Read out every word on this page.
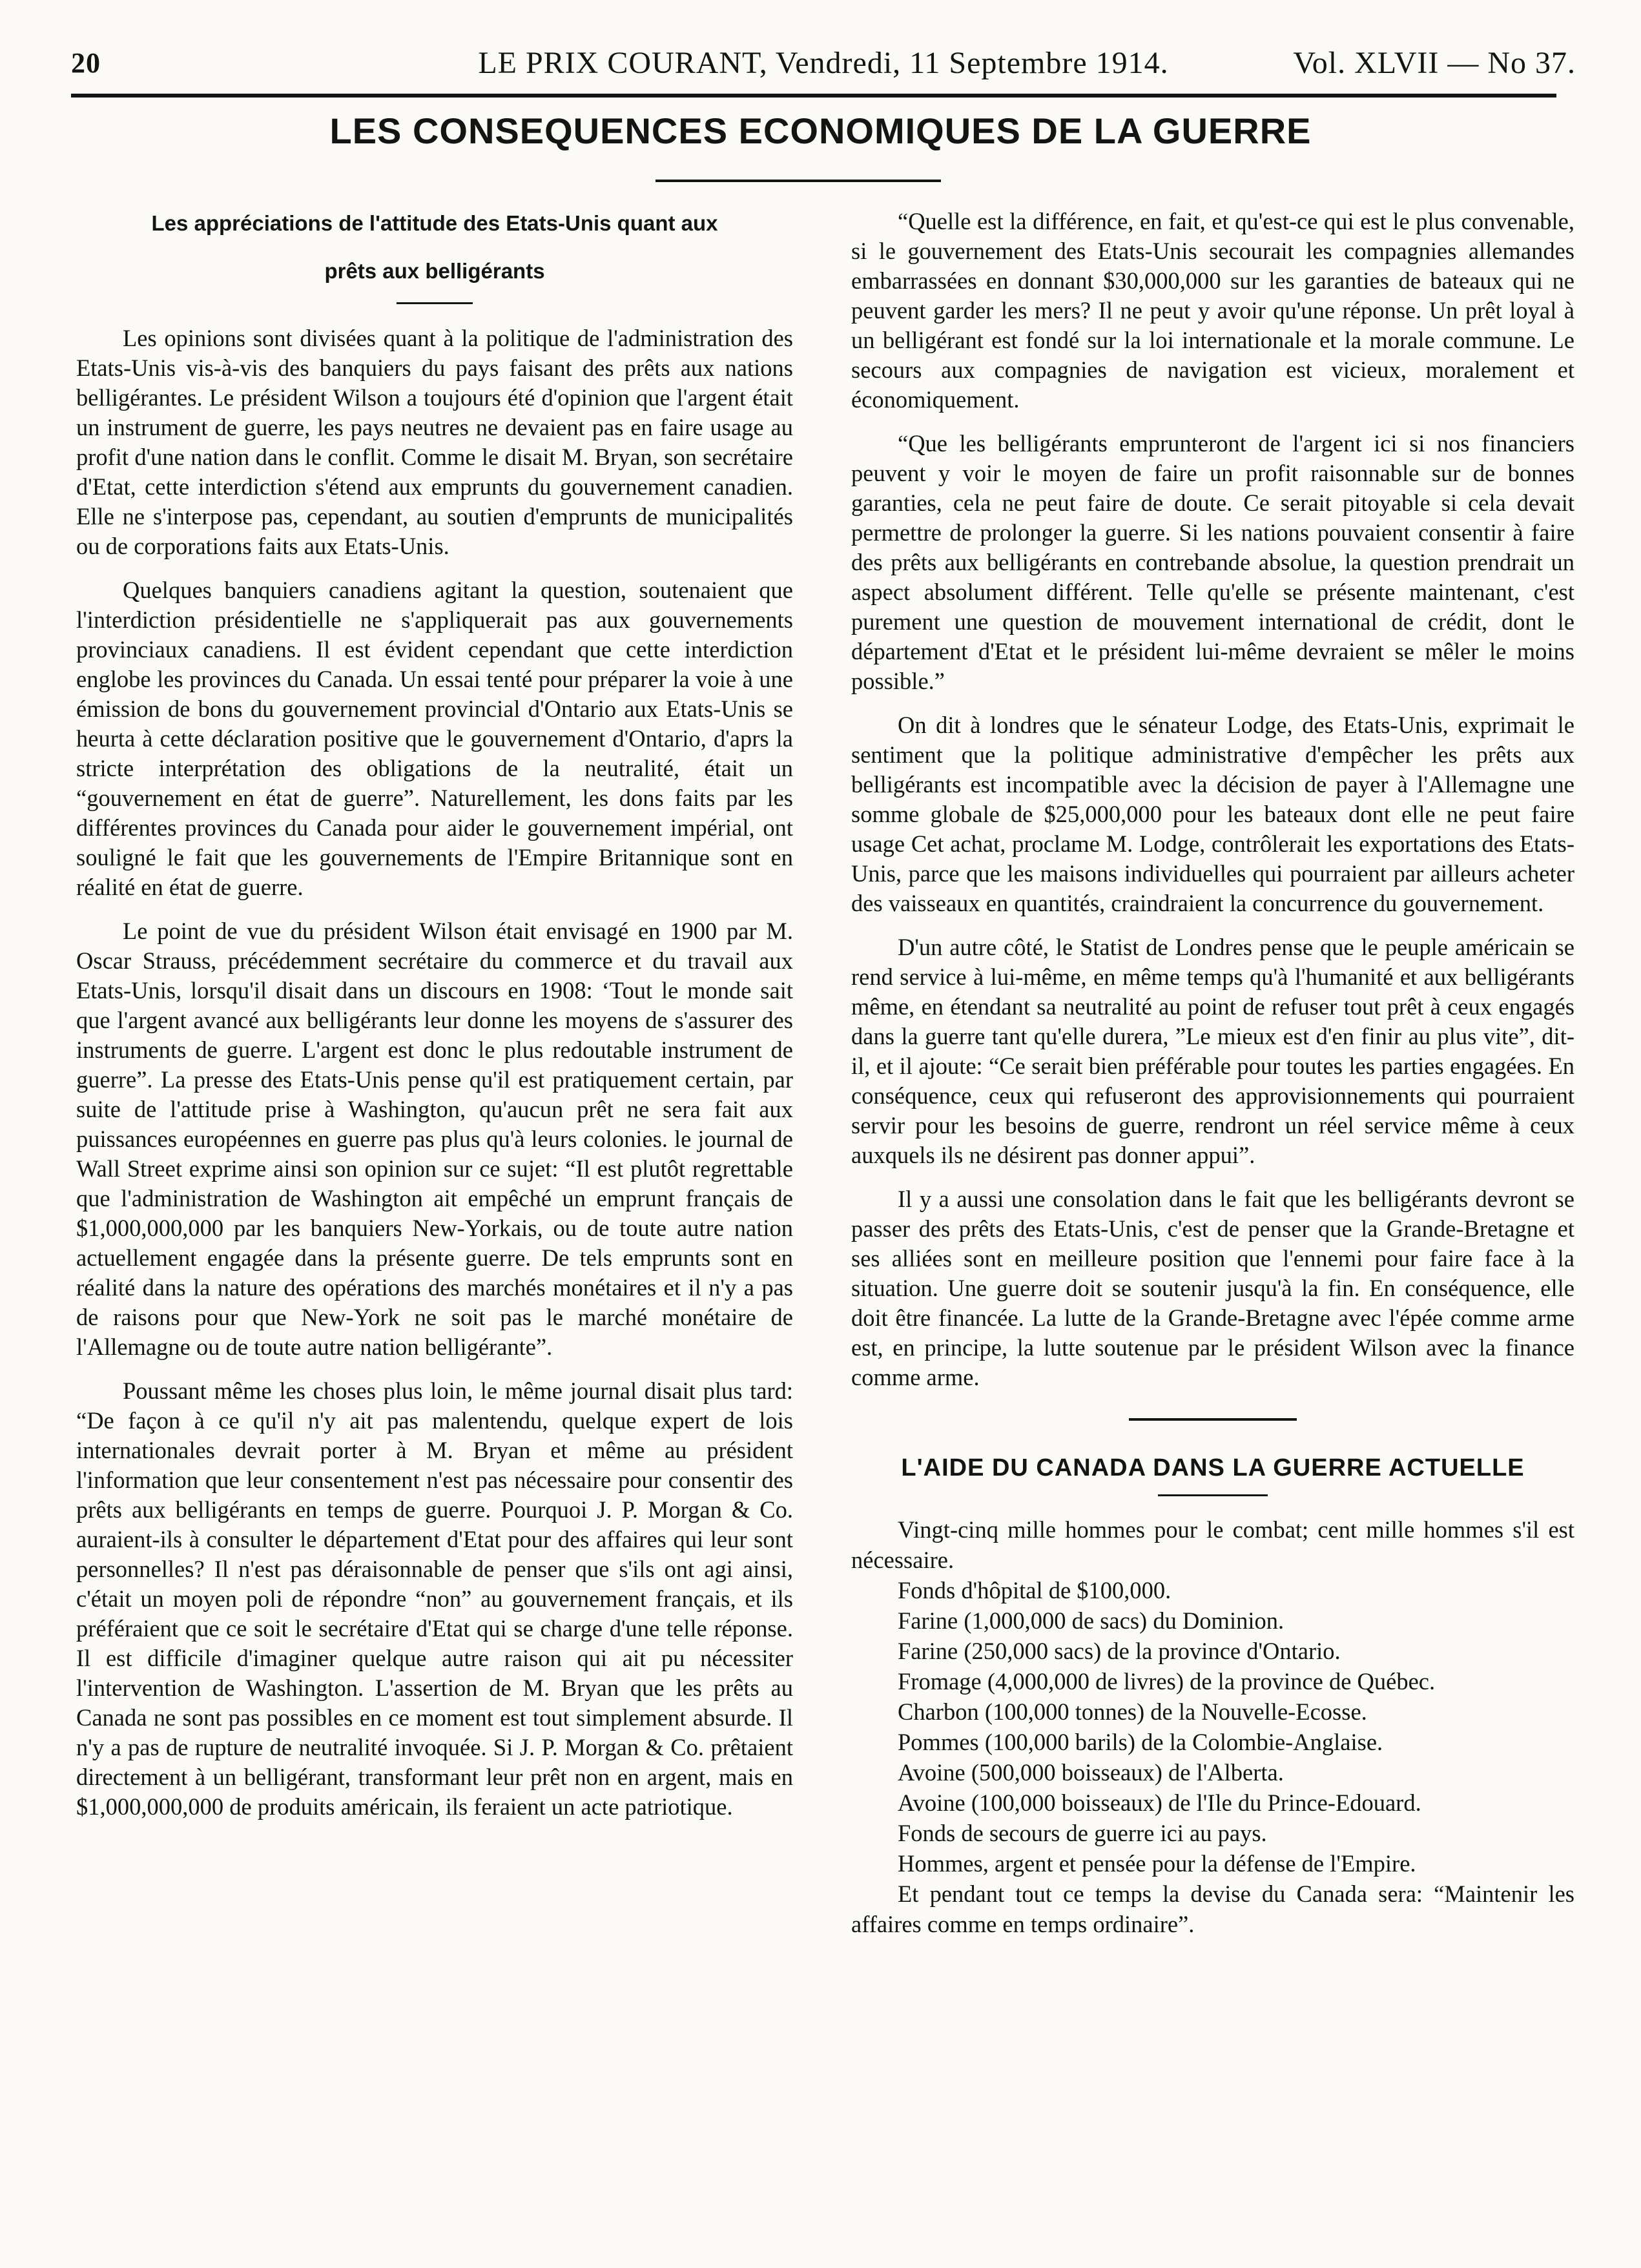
20	LE PRIX COURANT, Vendredi, 11 Septembre 1914.	Vol. XLVII — No 37.
LES CONSEQUENCES ECONOMIQUES DE LA GUERRE

Les appréciations de l'attitude des Etats-Unis quant aux

prêts aux belligérants

Les opinions sont divisées quant à la politique de l'administration des Etats-Unis vis-à-vis des banquiers du pays faisant des prêts aux nations belligérantes. Le président Wilson a toujours été d'opinion que l'argent était un instrument de guerre, les pays neutres ne devaient pas en faire usage au profit d'une nation dans le conflit. Comme le disait M. Bryan, son secrétaire d'Etat, cette interdiction s'étend aux emprunts du gouvernement canadien. Elle ne s'interpose pas, cependant, au soutien d'emprunts de municipalités ou de corporations faits aux Etats-Unis.

Quelques banquiers canadiens agitant la question, soutenaient que l'interdiction présidentielle ne s'appliquerait pas aux gouvernements provinciaux canadiens. Il est évident cependant que cette interdiction englobe les provinces du Canada. Un essai tenté pour préparer la voie à une émission de bons du gouvernement provincial d'Ontario aux Etats-Unis se heurta à cette déclaration positive que le gouvernement d'Ontario, d'aprs la stricte interprétation des obligations de la neutralité, était un “gouvernement en état de guerre”. Naturellement, les dons faits par les différentes provinces du Canada pour aider le gouvernement impérial, ont souligné le fait que les gouvernements de l'Empire Britannique sont en réalité en état de guerre.

Le point de vue du président Wilson était envisagé en 1900 par M. Oscar Strauss, précédemment secrétaire du commerce et du travail aux Etats-Unis, lorsqu'il disait dans un discours en 1908: ‘Tout le monde sait que l'argent avancé aux belligérants leur donne les moyens de s'assurer des instruments de guerre. L'argent est donc le plus redoutable instrument de guerre”. La presse des Etats-Unis pense qu'il est pratiquement certain, par suite de l'attitude prise à Washington, qu'aucun prêt ne sera fait aux puissances européennes en guerre pas plus qu'à leurs colonies. le journal de Wall Street exprime ainsi son opinion sur ce sujet: “Il est plutôt regrettable que l'administration de Washington ait empêché un emprunt français de $1,000,000,000 par les banquiers New-Yorkais, ou de toute autre nation actuellement engagée dans la présente guerre. De tels emprunts sont en réalité dans la nature des opérations des marchés monétaires et il n'y a pas de raisons pour que New-York ne soit pas le marché monétaire de l'Allemagne ou de toute autre nation belligérante”.

Poussant même les choses plus loin, le même journal disait plus tard: “De façon à ce qu'il n'y ait pas malentendu, quelque expert de lois internationales devrait porter à M. Bryan et même au président l'information que leur consentement n'est pas nécessaire pour consentir des prêts aux belligérants en temps de guerre. Pourquoi J. P. Morgan & Co. auraient-ils à consulter le département d'Etat pour des affaires qui leur sont personnelles? Il n'est pas déraisonnable de penser que s'ils ont agi ainsi, c'était un moyen poli de répondre “non” au gouvernement français, et ils préféraient que ce soit le secrétaire d'Etat qui se charge d'une telle réponse. Il est difficile d'imaginer quelque autre raison qui ait pu nécessiter l'intervention de Washington. L'assertion de M. Bryan que les prêts au Canada ne sont pas possibles en ce moment est tout simplement absurde. Il n'y a pas de rupture de neutralité invoquée. Si J. P. Morgan & Co. prêtaient directement à un belligérant, transformant leur prêt non en argent, mais en $1,000,000,000 de produits américain, ils feraient un acte patriotique.

“Quelle est la différence, en fait, et qu'est-ce qui est le plus convenable, si le gouvernement des Etats-Unis secourait les compagnies allemandes embarrassées en donnant $30,000,000 sur les garanties de bateaux qui ne peuvent garder les mers? Il ne peut y avoir qu'une réponse. Un prêt loyal à un belligérant est fondé sur la loi internationale et la morale commune. Le secours aux compagnies de navigation est vicieux, moralement et économiquement.

“Que les belligérants emprunteront de l'argent ici si nos financiers peuvent y voir le moyen de faire un profit raisonnable sur de bonnes garanties, cela ne peut faire de doute. Ce serait pitoyable si cela devait permettre de prolonger la guerre. Si les nations pouvaient consentir à faire des prêts aux belligérants en contrebande absolue, la question prendrait un aspect absolument différent. Telle qu'elle se présente maintenant, c'est purement une question de mouvement international de crédit, dont le département d'Etat et le président lui-même devraient se mêler le moins possible.”

On dit à londres que le sénateur Lodge, des Etats-Unis, exprimait le sentiment que la politique administrative d'empêcher les prêts aux belligérants est incompatible avec la décision de payer à l'Allemagne une somme globale de $25,000,000 pour les bateaux dont elle ne peut faire usage Cet achat, proclame M. Lodge, contrôlerait les exportations des Etats-Unis, parce que les maisons individuelles qui pourraient par ailleurs acheter des vaisseaux en quantités, craindraient la concurrence du gouvernement.

D'un autre côté, le Statist de Londres pense que le peuple américain se rend service à lui-même, en même temps qu'à l'humanité et aux belligérants même, en étendant sa neutralité au point de refuser tout prêt à ceux engagés dans la guerre tant qu'elle durera, ”Le mieux est d'en finir au plus vite”, dit-il, et il ajoute: “Ce serait bien préférable pour toutes les parties engagées. En conséquence, ceux qui refuseront des approvisionnements qui pourraient servir pour les besoins de guerre, rendront un réel service même à ceux auxquels ils ne désirent pas donner appui”.

Il y a aussi une consolation dans le fait que les belligérants devront se passer des prêts des Etats-Unis, c'est de penser que la Grande-Bretagne et ses alliées sont en meilleure position que l'ennemi pour faire face à la situation. Une guerre doit se soutenir jusqu'à la fin. En conséquence, elle doit être financée. La lutte de la Grande-Bretagne avec l'épée comme arme est, en principe, la lutte soutenue par le président Wilson avec la finance comme arme.

L'AIDE DU CANADA DANS LA GUERRE ACTUELLE
Vingt-cinq mille hommes pour le combat; cent mille hommes s'il est nécessaire.
Fonds d'hôpital de $100,000.
Farine (1,000,000 de sacs) du Dominion.
Farine (250,000 sacs) de la province d'Ontario.
Fromage (4,000,000 de livres) de la province de Québec.
Charbon (100,000 tonnes) de la Nouvelle-Ecosse.
Pommes (100,000 barils) de la Colombie-Anglaise.
Avoine (500,000 boisseaux) de l'Alberta.
Avoine (100,000 boisseaux) de l'Ile du Prince-Edouard.
Fonds de secours de guerre ici au pays.
Hommes, argent et pensée pour la défense de l'Empire.
Et pendant tout ce temps la devise du Canada sera: “Maintenir les affaires comme en temps ordinaire”.
